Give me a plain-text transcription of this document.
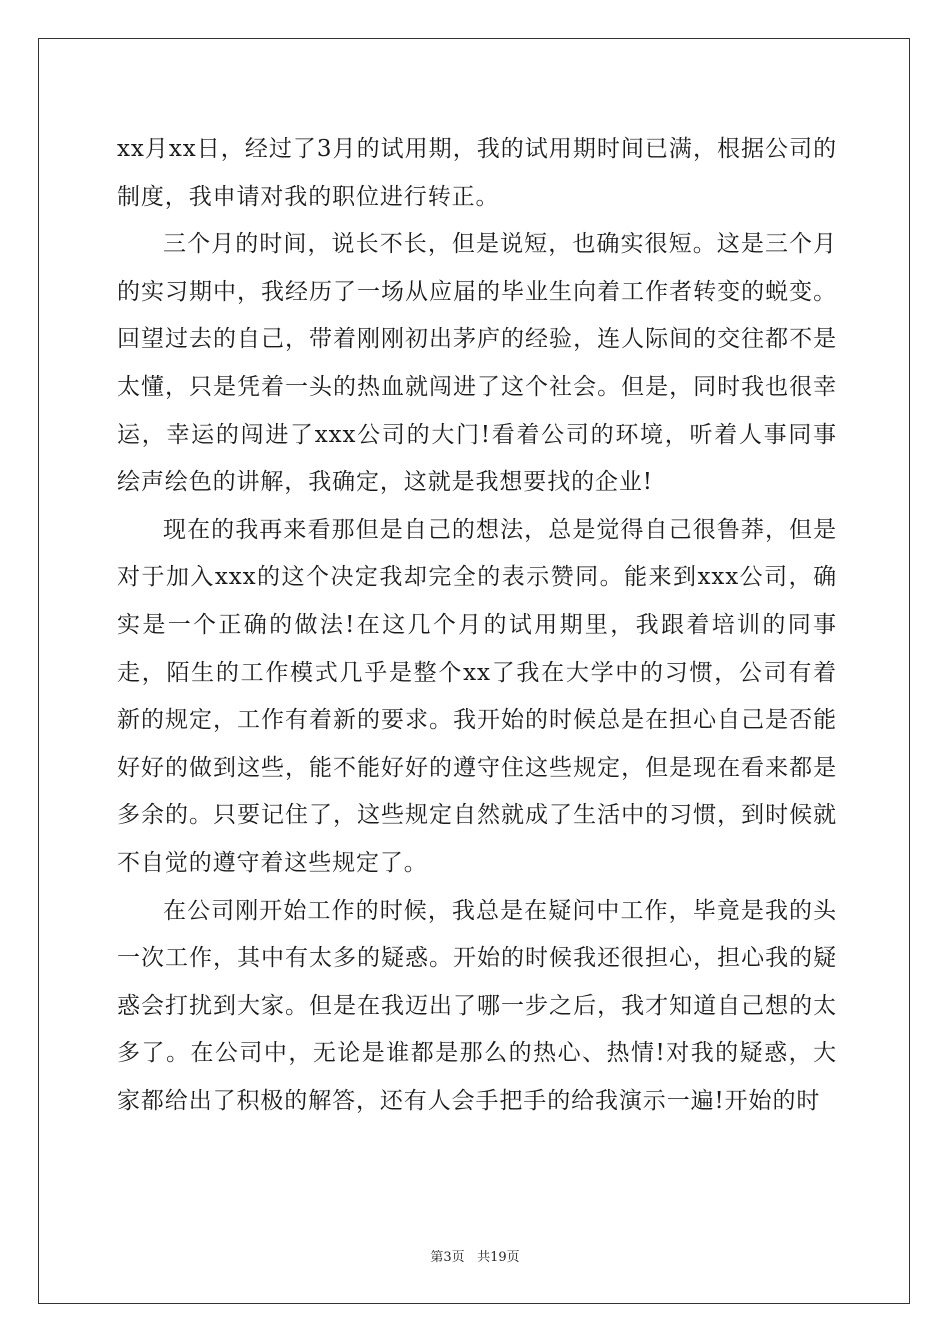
xx月xx日，经过了3月的试用期，我的试用期时间已满，根据公司的制度，我申请对我的职位进行转正。

三个月的时间，说长不长，但是说短，也确实很短。这是三个月的实习期中，我经历了一场从应届的毕业生向着工作者转变的蜕变。回望过去的自己，带着刚刚初出茅庐的经验，连人际间的交往都不是太懂，只是凭着一头的热血就闯进了这个社会。但是，同时我也很幸运，幸运的闯进了xxx公司的大门!看着公司的环境，听着人事同事绘声绘色的讲解，我确定，这就是我想要找的企业!

现在的我再来看那但是自己的想法，总是觉得自己很鲁莽，但是对于加入xxx的这个决定我却完全的表示赞同。能来到xxx公司，确实是一个正确的做法!在这几个月的试用期里，我跟着培训的同事走，陌生的工作模式几乎是整个xx了我在大学中的习惯，公司有着新的规定，工作有着新的要求。我开始的时候总是在担心自己是否能好好的做到这些，能不能好好的遵守住这些规定，但是现在看来都是多余的。只要记住了，这些规定自然就成了生活中的习惯，到时候就不自觉的遵守着这些规定了。

在公司刚开始工作的时候，我总是在疑问中工作，毕竟是我的头一次工作，其中有太多的疑惑。开始的时候我还很担心，担心我的疑惑会打扰到大家。但是在我迈出了哪一步之后，我才知道自己想的太多了。在公司中，无论是谁都是那么的热心、热情!对我的疑惑，大家都给出了积极的解答，还有人会手把手的给我演示一遍!开始的时

第3页 共19页
